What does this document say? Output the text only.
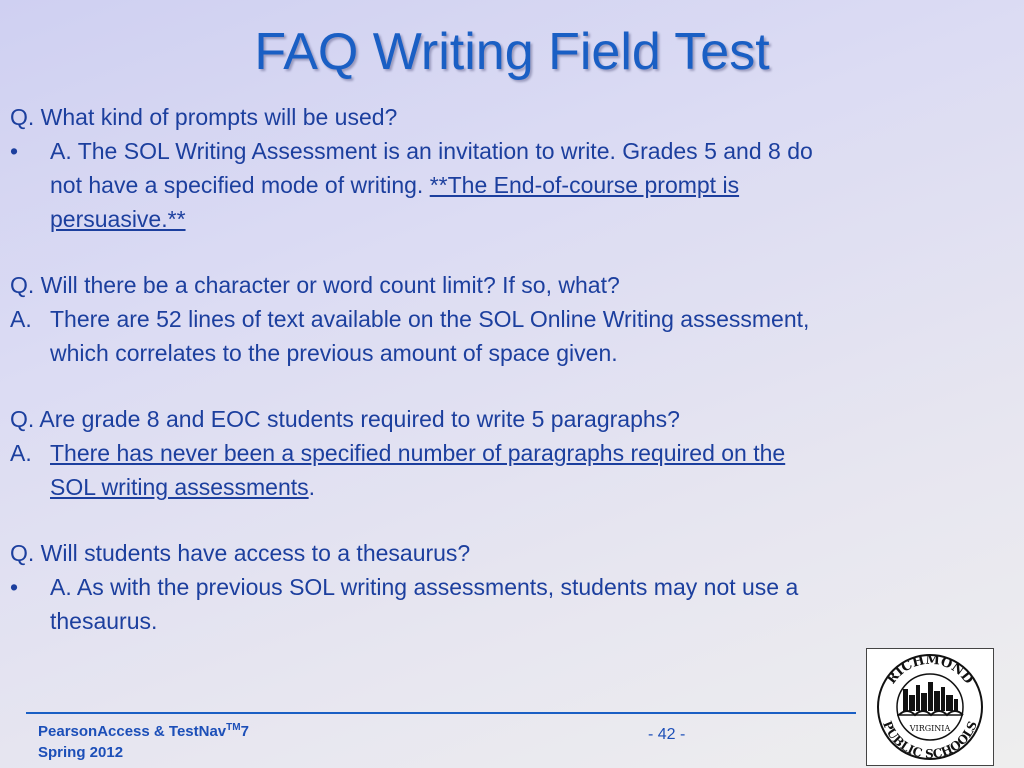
FAQ Writing Field Test
Q. What kind of prompts will be used?
•	A. The SOL Writing Assessment is an invitation to write. Grades 5 and 8 do
not have a specified mode of writing. **The End-of-course prompt is
persuasive.**
Q. Will there be a character or word count limit? If so, what?
A. There are 52 lines of text available on the SOL Online Writing assessment,
which correlates to the previous amount of space given.
Q. Are grade 8 and EOC students required to write 5 paragraphs?
A. There has never been a specified number of paragraphs required on the
SOL writing assessments.
Q. Will students have access to a thesaurus?
•	A. As with the previous SOL writing assessments, students may not use a
thesaurus.
PearsonAccess & TestNav™7
Spring 2012
- 42 -
RICHMOND
VIRGINIA
PUBLIC SCHOOLS
